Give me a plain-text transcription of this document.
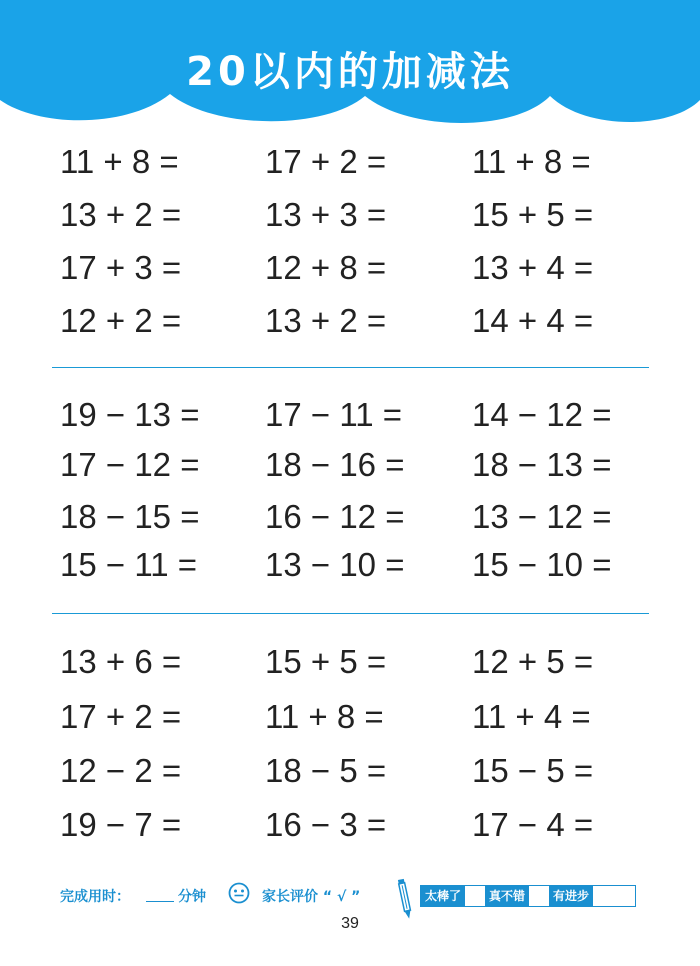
20以内的加减法
11 + 8 =	17 + 2 =	11 + 8 =
13 + 2 =	13 + 3 =	15 + 5 =
17 + 3 =	12 + 8 =	13 + 4 =
12 + 2 =	13 + 2 =	14 + 4 =
19 − 13 = 17 − 11 = 14 − 12 =
17 − 12 = 18 − 16 = 18 − 13 =
18 − 15 = 16 − 12 = 13 − 12 =
15 − 11 = 13 − 10 = 15 − 10 =
13 + 6 =	15 + 5 =	12 + 5 =
17 + 2 =	11 + 8 =	11 + 4 =
12 − 2 =	18 − 5 =	15 − 5 =
19 − 7 =	16 − 3 =	17 − 4 =
完成用时：	分钟	家长评价 “ √ ”	太棒了	真不错	有进步
39
